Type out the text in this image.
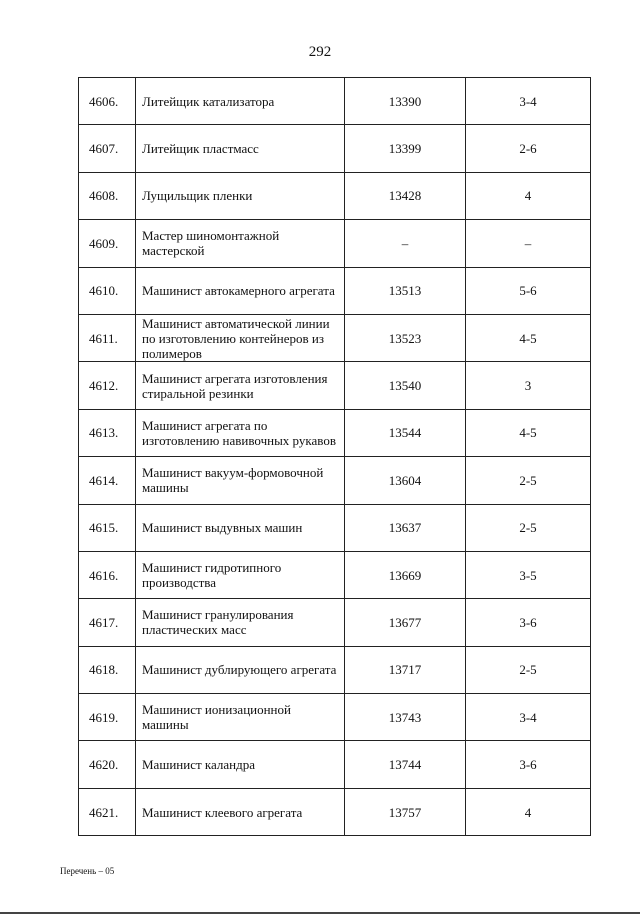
292
4606.	Литейщик катализатора	13390	3-4
4607.	Литейщик пластмасс	13399	2-6
4608.	Лущильщик пленки	13428	4
4609.	Мастер шиномонтажной мастерской	–	–
4610.	Машинист автокамерного агрегата	13513	5-6
4611.	Машинист автоматической линии по изготовлению контейнеров из полимеров	13523	4-5
4612.	Машинист агрегата изготовления стиральной резинки	13540	3
4613.	Машинист агрегата по изготовлению навивочных рукавов	13544	4-5
4614.	Машинист вакуум-формовочной машины	13604	2-5
4615.	Машинист выдувных машин	13637	2-5
4616.	Машинист гидротипного производства	13669	3-5
4617.	Машинист гранулирования пластических масс	13677	3-6
4618.	Машинист дублирующего агрегата	13717	2-5
4619.	Машинист ионизационной машины	13743	3-4
4620.	Машинист каландра	13744	3-6
4621.	Машинист клеевого агрегата	13757	4
Перечень – 05
